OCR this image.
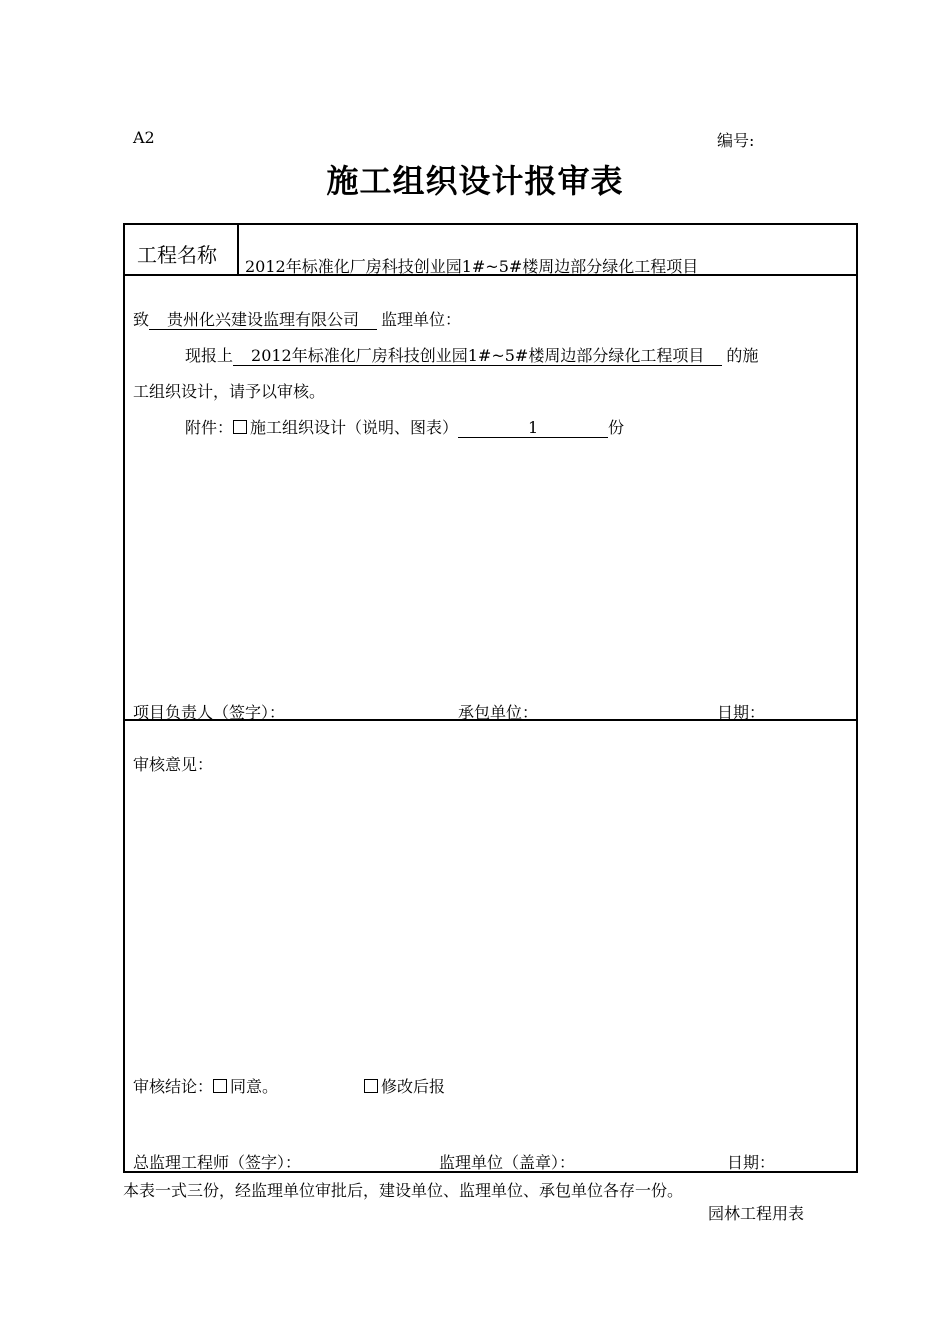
A2	编号:
施工组织设计报审表
工程名称 2012年标准化厂房科技创业园1#~5#楼周边部分绿化工程项目
致 贵州化兴建设监理有限公司 监理单位：
现报上 2012年标准化厂房科技创业园1#~5#楼周边部分绿化工程项目 的施
工组织设计，请予以审核。
附件： 施工组织设计（说明、图表）	1	份
项目负责人（签字）：	承包单位：	日期：
审核意见：
审核结论： 同意。	修改后报
总监理工程师（签字）：	监理单位（盖章）：	日期：
本表一式三份，经监理单位审批后，建设单位、监理单位、承包单位各存一份。
园林工程用表
